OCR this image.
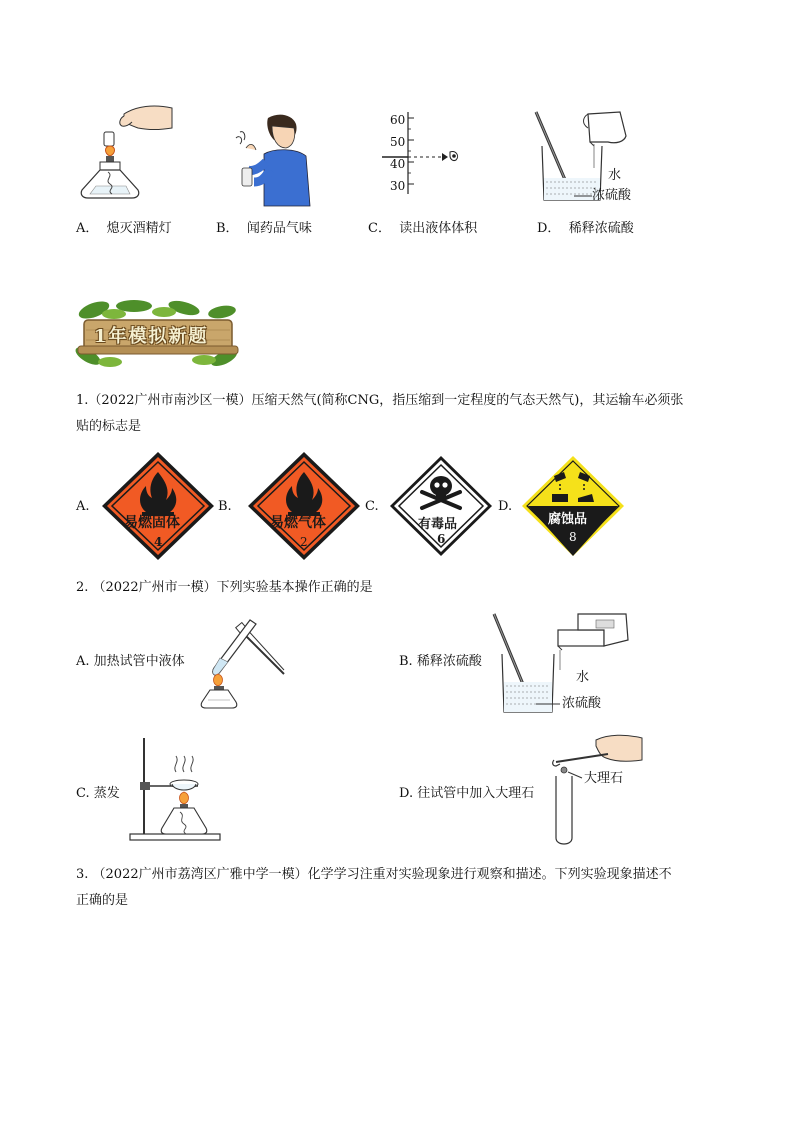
60
50
40
30
水
浓硫酸
A． 熄灭酒精灯	B． 闻药品气味	C． 读出液体体积	D． 稀释浓硫酸
1年模拟新题
1.（2022广州市南沙区一模）压缩天然气(简称CNG，指压缩到一定程度的气态天然气)，其运输车必须张
贴的标志是
A.	B.	C.	D.
易燃固体
4
易燃气体
2
有毒品
6
腐蚀品
8
2. （2022广州市一模）下列实验基本操作正确的是
A. 加热试管中液体	B. 稀释浓硫酸
水
浓硫酸
C. 蒸发	D. 往试管中加入大理石
大理石
3. （2022广州市荔湾区广雅中学一模）化学学习注重对实验现象进行观察和描述。下列实验现象描述不
正确的是
